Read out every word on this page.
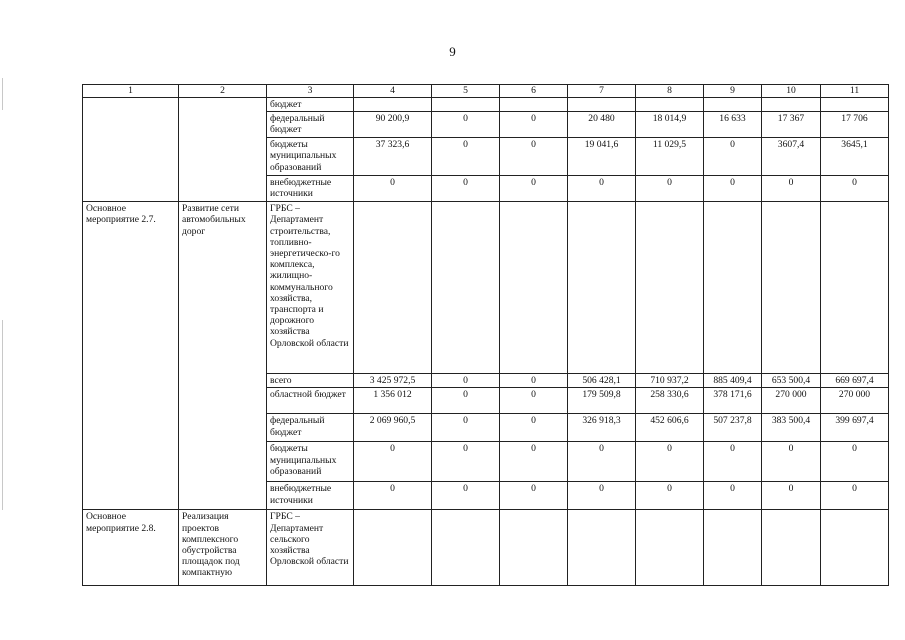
9
1	2	3	4	5	6	7	8	9	10	11
		бюджет								
		федеральный бюджет	90 200,9	0	0	20 480	18 014,9	16 633	17 367	17 706
		бюджеты муниципальных образований	37 323,6	0	0	19 041,6	11 029,5	0	3607,4	3645,1
		внебюджетные источники	0	0	0	0	0	0	0	0
Основное мероприятие 2.7.	Развитие сети автомобильных дорог	ГРБС – Департамент строительства, топливно-энергетическо-го комплекса, жилищно-коммунального хозяйства, транспорта и дорожного хозяйства Орловской области								
		всего	3 425 972,5	0	0	506 428,1	710 937,2	885 409,4	653 500,4	669 697,4
		областной бюджет	1 356 012	0	0	179 509,8	258 330,6	378 171,6	270 000	270 000
		федеральный бюджет	2 069 960,5	0	0	326 918,3	452 606,6	507 237,8	383 500,4	399 697,4
		бюджеты муниципальных образований	0	0	0	0	0	0	0	0
		внебюджетные источники	0	0	0	0	0	0	0	0
Основное мероприятие 2.8.	Реализация проектов комплексного обустройства площадок под компактную	ГРБС – Департамент сельского хозяйства Орловской области								
